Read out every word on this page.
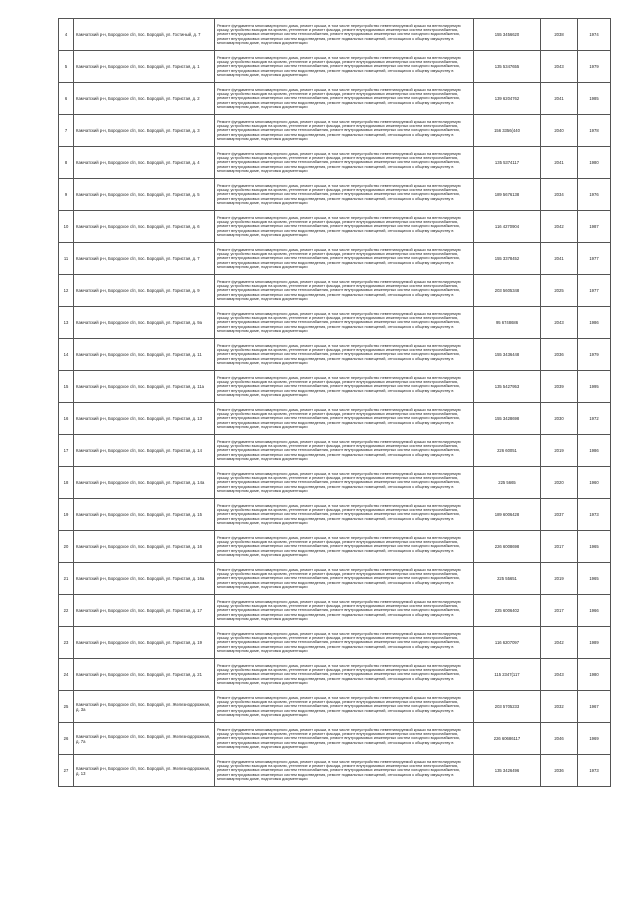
4	Камчатский р-н, Бородское с/п, пос. Бородой, ул. Гостиный, д. 7	Ремонт фундамента многоквартирного дома, ремонт крыши, в том числе переустройство невентилируемой крыши на вентилируемую крышу, устройство выходов на кровлю, утепление и ремонт фасада, ремонт внутридомовых инженерных систем электроснабжения, ремонт внутридомовых инженерных систем теплоснабжения, ремонт внутридомовых инженерных систем холодного водоснабжения, ремонт внутридомовых инженерных систем водоотведения, ремонт подвальных помещений, относящихся к общему имуществу в многоквартирном доме, подготовка документации	155 3456620	2038	1974
5	Камчатский р-н, Бородское с/п, пос. Бородой, ул. Гористая, д. 1	Ремонт фундамента многоквартирного дома, ремонт крыши, в том числе переустройство невентилируемой крыши на вентилируемую крышу, устройство выходов на кровлю, утепление и ремонт фасада, ремонт внутридомовых инженерных систем электроснабжения, ремонт внутридомовых инженерных систем теплоснабжения, ремонт внутридомовых инженерных систем холодного водоснабжения, ремонт внутридомовых инженерных систем водоотведения, ремонт подвальных помещений, относящихся к общему имуществу в многоквартирном доме, подготовка документации	135 5347655	2043	1979
6	Камчатский р-н, Бородское с/п, пос. Бородой, ул. Гористая, д. 2	Ремонт фундамента многоквартирного дома, ремонт крыши, в том числе переустройство невентилируемой крыши на вентилируемую крышу, устройство выходов на кровлю, утепление и ремонт фасада, ремонт внутридомовых инженерных систем электроснабжения, ремонт внутридомовых инженерных систем теплоснабжения, ремонт внутридомовых инженерных систем холодного водоснабжения, ремонт внутридомовых инженерных систем водоотведения, ремонт подвальных помещений, относящихся к общему имуществу в многоквартирном доме, подготовка документации	139 6204762	2041	1985
7	Камчатский р-н, Бородское с/п, пос. Бородой, ул. Гористая, д. 3	Ремонт фундамента многоквартирного дома, ремонт крыши, в том числе переустройство невентилируемой крыши на вентилируемую крышу, устройство выходов на кровлю, утепление и ремонт фасада, ремонт внутридомовых инженерных систем электроснабжения, ремонт внутридомовых инженерных систем теплоснабжения, ремонт внутридомовых инженерных систем холодного водоснабжения, ремонт внутридомовых инженерных систем водоотведения, ремонт подвальных помещений, относящихся к общему имуществу в многоквартирном доме, подготовка документации	156 3356(440	2040	1978
8	Камчатский р-н, Бородское с/п, пос. Бородой, ул. Гористая, д. 4	Ремонт фундамента многоквартирного дома, ремонт крыши, в том числе переустройство невентилируемой крыши на вентилируемую крышу, устройство выходов на кровлю, утепление и ремонт фасада, ремонт внутридомовых инженерных систем электроснабжения, ремонт внутридомовых инженерных систем теплоснабжения, ремонт внутридомовых инженерных систем холодного водоснабжения, ремонт внутридомовых инженерных систем водоотведения, ремонт подвальных помещений, относящихся к общему имуществу в многоквартирном доме, подготовка документации	135 5374117	2041	1980
9	Камчатский р-н, Бородское с/п, пос. Бородой, ул. Гористая, д. 5	Ремонт фундамента многоквартирного дома, ремонт крыши, в том числе переустройство невентилируемой крыши на вентилируемую крышу, устройство выходов на кровлю, утепление и ремонт фасада, ремонт внутридомовых инженерных систем электроснабжения, ремонт внутридомовых инженерных систем теплоснабжения, ремонт внутридомовых инженерных систем холодного водоснабжения, ремонт внутридомовых инженерных систем водоотведения, ремонт подвальных помещений, относящихся к общему имуществу в многоквартирном доме, подготовка документации	189 5676138	2034	1976
10	Камчатский р-н, Бородское с/п, пос. Бородой, ул. Гористая, д. 6	Ремонт фундамента многоквартирного дома, ремонт крыши, в том числе переустройство невентилируемой крыши на вентилируемую крышу, устройство выходов на кровлю, утепление и ремонт фасада, ремонт внутридомовых инженерных систем электроснабжения, ремонт внутридомовых инженерных систем теплоснабжения, ремонт внутридомовых инженерных систем холодного водоснабжения, ремонт внутридомовых инженерных систем водоотведения, ремонт подвальных помещений, относящихся к общему имуществу в многоквартирном доме, подготовка документации	116 4270904	2042	1987
11	Камчатский р-н, Бородское с/п, пос. Бородой, ул. Гористая, д. 7	Ремонт фундамента многоквартирного дома, ремонт крыши, в том числе переустройство невентилируемой крыши на вентилируемую крышу, устройство выходов на кровлю, утепление и ремонт фасада, ремонт внутридомовых инженерных систем электроснабжения, ремонт внутридомовых инженерных систем теплоснабжения, ремонт внутридомовых инженерных систем холодного водоснабжения, ремонт внутридомовых инженерных систем водоотведения, ремонт подвальных помещений, относящихся к общему имуществу в многоквартирном доме, подготовка документации	155 3378452	2041	1977
12	Камчатский р-н, Бородское с/п, пос. Бородой, ул. Гористая, д. 9	Ремонт фундамента многоквартирного дома, ремонт крыши, в том числе переустройство невентилируемой крыши на вентилируемую крышу, устройство выходов на кровлю, утепление и ремонт фасада, ремонт внутридомовых инженерных систем электроснабжения, ремонт внутридомовых инженерных систем теплоснабжения, ремонт внутридомовых инженерных систем холодного водоснабжения, ремонт внутридомовых инженерных систем водоотведения, ремонт подвальных помещений, относящихся к общему имуществу в многоквартирном доме, подготовка документации	203 5605348	2025	1977
13	Камчатский р-н, Бородское с/п, пос. Бородой, ул. Гористая, д. 9а	Ремонт фундамента многоквартирного дома, ремонт крыши, в том числе переустройство невентилируемой крыши на вентилируемую крышу, устройство выходов на кровлю, утепление и ремонт фасада, ремонт внутридомовых инженерных систем электроснабжения, ремонт внутридомовых инженерных систем теплоснабжения, ремонт внутридомовых инженерных систем холодного водоснабжения, ремонт внутридомовых инженерных систем водоотведения, ремонт подвальных помещений, относящихся к общему имуществу в многоквартирном доме, подготовка документации	95 6748686	2043	1986
14	Камчатский р-н, Бородское с/п, пос. Бородой, ул. Гористая, д. 11	Ремонт фундамента многоквартирного дома, ремонт крыши, в том числе переустройство невентилируемой крыши на вентилируемую крышу, устройство выходов на кровлю, утепление и ремонт фасада, ремонт внутридомовых инженерных систем электроснабжения, ремонт внутридомовых инженерных систем теплоснабжения, ремонт внутридомовых инженерных систем холодного водоснабжения, ремонт внутридомовых инженерных систем водоотведения, ремонт подвальных помещений, относящихся к общему имуществу в многоквартирном доме, подготовка документации	155 3436448	2036	1979
15	Камчатский р-н, Бородское с/п, пос. Бородой, ул. Гористая, д. 11а	Ремонт фундамента многоквартирного дома, ремонт крыши, в том числе переустройство невентилируемой крыши на вентилируемую крышу, устройство выходов на кровлю, утепление и ремонт фасада, ремонт внутридомовых инженерных систем электроснабжения, ремонт внутридомовых инженерных систем теплоснабжения, ремонт внутридомовых инженерных систем холодного водоснабжения, ремонт внутридомовых инженерных систем водоотведения, ремонт подвальных помещений, относящихся к общему имуществу в многоквартирном доме, подготовка документации	135 5427953	2039	1995
16	Камчатский р-н, Бородское с/п, пос. Бородой, ул. Гористая, д. 13	Ремонт фундамента многоквартирного дома, ремонт крыши, в том числе переустройство невентилируемой крыши на вентилируемую крышу, устройство выходов на кровлю, утепление и ремонт фасада, ремонт внутридомовых инженерных систем электроснабжения, ремонт внутридомовых инженерных систем теплоснабжения, ремонт внутридомовых инженерных систем холодного водоснабжения, ремонт внутридомовых инженерных систем водоотведения, ремонт подвальных помещений, относящихся к общему имуществу в многоквартирном доме, подготовка документации	155 3428698	2030	1972
17	Камчатский р-н, Бородское с/п, пос. Бородой, ул. Гористая, д. 14	Ремонт фундамента многоквартирного дома, ремонт крыши, в том числе переустройство невентилируемой крыши на вентилируемую крышу, устройство выходов на кровлю, утепление и ремонт фасада, ремонт внутридомовых инженерных систем электроснабжения, ремонт внутридомовых инженерных систем теплоснабжения, ремонт внутридомовых инженерных систем холодного водоснабжения, ремонт внутридомовых инженерных систем водоотведения, ремонт подвальных помещений, относящихся к общему имуществу в многоквартирном доме, подготовка документации	226 60051	2019	1986
18	Камчатский р-н, Бородское с/п, пос. Бородой, ул. Гористая, д. 14а	Ремонт фундамента многоквартирного дома, ремонт крыши, в том числе переустройство невентилируемой крыши на вентилируемую крышу, устройство выходов на кровлю, утепление и ремонт фасада, ремонт внутридомовых инженерных систем электроснабжения, ремонт внутридомовых инженерных систем теплоснабжения, ремонт внутридомовых инженерных систем холодного водоснабжения, ремонт внутридомовых инженерных систем водоотведения, ремонт подвальных помещений, относящихся к общему имуществу в многоквартирном доме, подготовка документации	225 5665	2020	1960
19	Камчатский р-н, Бородское с/п, пос. Бородой, ул. Гористая, д. 15	Ремонт фундамента многоквартирного дома, ремонт крыши, в том числе переустройство невентилируемой крыши на вентилируемую крышу, устройство выходов на кровлю, утепление и ремонт фасада, ремонт внутридомовых инженерных систем электроснабжения, ремонт внутридомовых инженерных систем теплоснабжения, ремонт внутридомовых инженерных систем холодного водоснабжения, ремонт внутридомовых инженерных систем водоотведения, ремонт подвальных помещений, относящихся к общему имуществу в многоквартирном доме, подготовка документации	189 6006428	2037	1973
20	Камчатский р-н, Бородское с/п, пос. Бородой, ул. Гористая, д. 16	Ремонт фундамента многоквартирного дома, ремонт крыши, в том числе переустройство невентилируемой крыши на вентилируемую крышу, устройство выходов на кровлю, утепление и ремонт фасада, ремонт внутридомовых инженерных систем электроснабжения, ремонт внутридомовых инженерных систем теплоснабжения, ремонт внутридомовых инженерных систем холодного водоснабжения, ремонт внутридомовых инженерных систем водоотведения, ремонт подвальных помещений, относящихся к общему имуществу в многоквартирном доме, подготовка документации	226 6008698	2017	1965
21	Камчатский р-н, Бородское с/п, пос. Бородой, ул. Гористая, д. 16а	Ремонт фундамента многоквартирного дома, ремонт крыши, в том числе переустройство невентилируемой крыши на вентилируемую крышу, устройство выходов на кровлю, утепление и ремонт фасада, ремонт внутридомовых инженерных систем электроснабжения, ремонт внутридомовых инженерных систем теплоснабжения, ремонт внутридомовых инженерных систем холодного водоснабжения, ремонт внутридомовых инженерных систем водоотведения, ремонт подвальных помещений, относящихся к общему имуществу в многоквартирном доме, подготовка документации	225 55651	2019	1965
22	Камчатский р-н, Бородское с/п, пос. Бородой, ул. Гористая, д. 17	Ремонт фундамента многоквартирного дома, ремонт крыши, в том числе переустройство невентилируемой крыши на вентилируемую крышу, устройство выходов на кровлю, утепление и ремонт фасада, ремонт внутридомовых инженерных систем электроснабжения, ремонт внутридомовых инженерных систем теплоснабжения, ремонт внутридомовых инженерных систем холодного водоснабжения, ремонт внутридомовых инженерных систем водоотведения, ремонт подвальных помещений, относящихся к общему имуществу в многоквартирном доме, подготовка документации	225 6006402	2017	1966
23	Камчатский р-н, Бородское с/п, пос. Бородой, ул. Гористая, д. 19	Ремонт фундамента многоквартирного дома, ремонт крыши, в том числе переустройство невентилируемой крыши на вентилируемую крышу, устройство выходов на кровлю, утепление и ремонт фасада, ремонт внутридомовых инженерных систем электроснабжения, ремонт внутридомовых инженерных систем теплоснабжения, ремонт внутридомовых инженерных систем холодного водоснабжения, ремонт внутридомовых инженерных систем водоотведения, ремонт подвальных помещений, относящихся к общему имуществу в многоквартирном доме, подготовка документации	116 6207097	2042	1989
24	Камчатский р-н, Бородское с/п, пос. Бородой, ул. Гористая, д. 21	Ремонт фундамента многоквартирного дома, ремонт крыши, в том числе переустройство невентилируемой крыши на вентилируемую крышу, устройство выходов на кровлю, утепление и ремонт фасада, ремонт внутридомовых инженерных систем электроснабжения, ремонт внутридомовых инженерных систем теплоснабжения, ремонт внутридомовых инженерных систем холодного водоснабжения, ремонт внутридомовых инженерных систем водоотведения, ремонт подвальных помещений, относящихся к общему имуществу в многоквартирном доме, подготовка документации	115 2347(117	2043	1980
25	Камчатский р-н, Бородское с/п, пос. Бородой, ул. Железнодорожная, д. 3а	Ремонт фундамента многоквартирного дома, ремонт крыши, в том числе переустройство невентилируемой крыши на вентилируемую крышу, устройство выходов на кровлю, утепление и ремонт фасада, ремонт внутридомовых инженерных систем электроснабжения, ремонт внутридомовых инженерных систем теплоснабжения, ремонт внутридомовых инженерных систем холодного водоснабжения, ремонт внутридомовых инженерных систем водоотведения, ремонт подвальных помещений, относящихся к общему имуществу в многоквартирном доме, подготовка документации	203 5705233	2032	1967
26	Камчатский р-н, Бородское с/п, пос. Бородой, ул. Железнодорожная, д. 7а	Ремонт фундамента многоквартирного дома, ремонт крыши, в том числе переустройство невентилируемой крыши на вентилируемую крышу, устройство выходов на кровлю, утепление и ремонт фасада, ремонт внутридомовых инженерных систем электроснабжения, ремонт внутридомовых инженерных систем теплоснабжения, ремонт внутридомовых инженерных систем холодного водоснабжения, ремонт внутридомовых инженерных систем водоотведения, ремонт подвальных помещений, относящихся к общему имуществу в многоквартирном доме, подготовка документации	226 60686117	2046	1969
27	Камчатский р-н, Бородское с/п, пос. Бородой, ул. Железнодорожная, д. 13	Ремонт фундамента многоквартирного дома, ремонт крыши, в том числе переустройство невентилируемой крыши на вентилируемую крышу, устройство выходов на кровлю, утепление и ремонт фасада, ремонт внутридомовых инженерных систем электроснабжения, ремонт внутридомовых инженерных систем теплоснабжения, ремонт внутридомовых инженерных систем холодного водоснабжения, ремонт внутридомовых инженерных систем водоотведения, ремонт подвальных помещений, относящихся к общему имуществу в многоквартирном доме, подготовка документации	135 3426496	2036	1973
